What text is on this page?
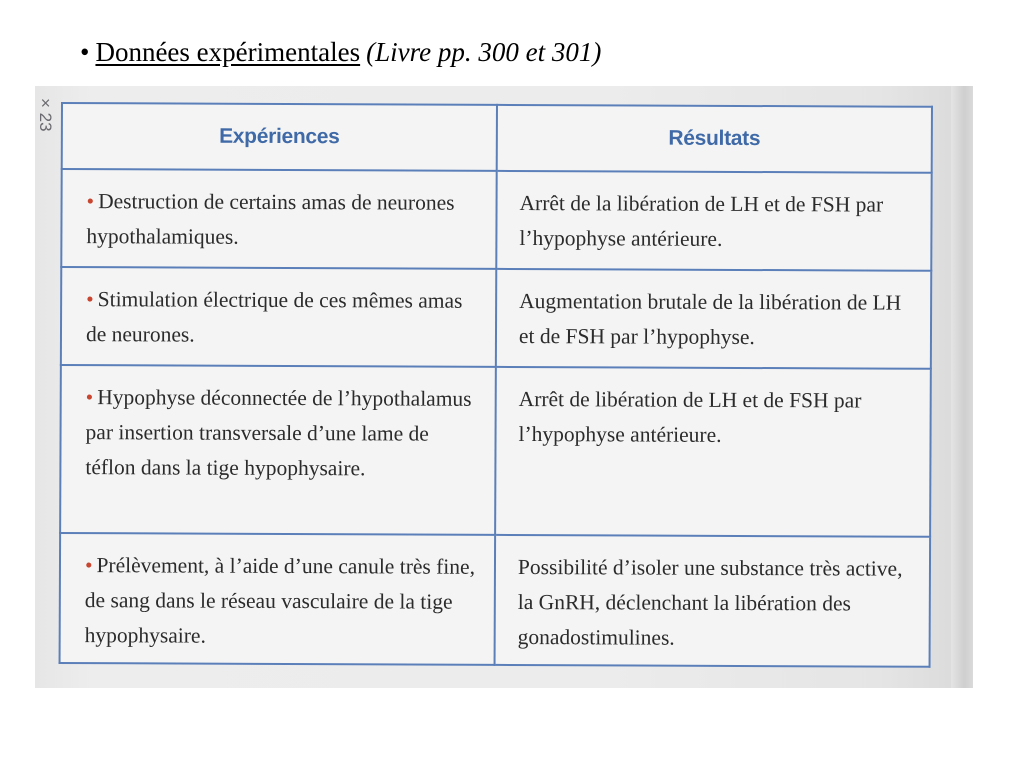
• Données expérimentales (Livre pp. 300 et 301)
× 23
Expériences	Résultats
• Destruction de certains amas de neurones hypothalamiques.	Arrêt de la libération de LH et de FSH par l’hypophyse antérieure.
• Stimulation électrique de ces mêmes amas de neurones.	Augmentation brutale de la libération de LH et de FSH par l’hypophyse.
• Hypophyse déconnectée de l’hypothalamus par insertion transversale d’une lame de téflon dans la tige hypophysaire.	Arrêt de libération de LH et de FSH par l’hypophyse antérieure.
• Prélèvement, à l’aide d’une canule très fine, de sang dans le réseau vasculaire de la tige hypophysaire.	Possibilité d’isoler une substance très active, la GnRH, déclenchant la libération des gonadostimulines.
